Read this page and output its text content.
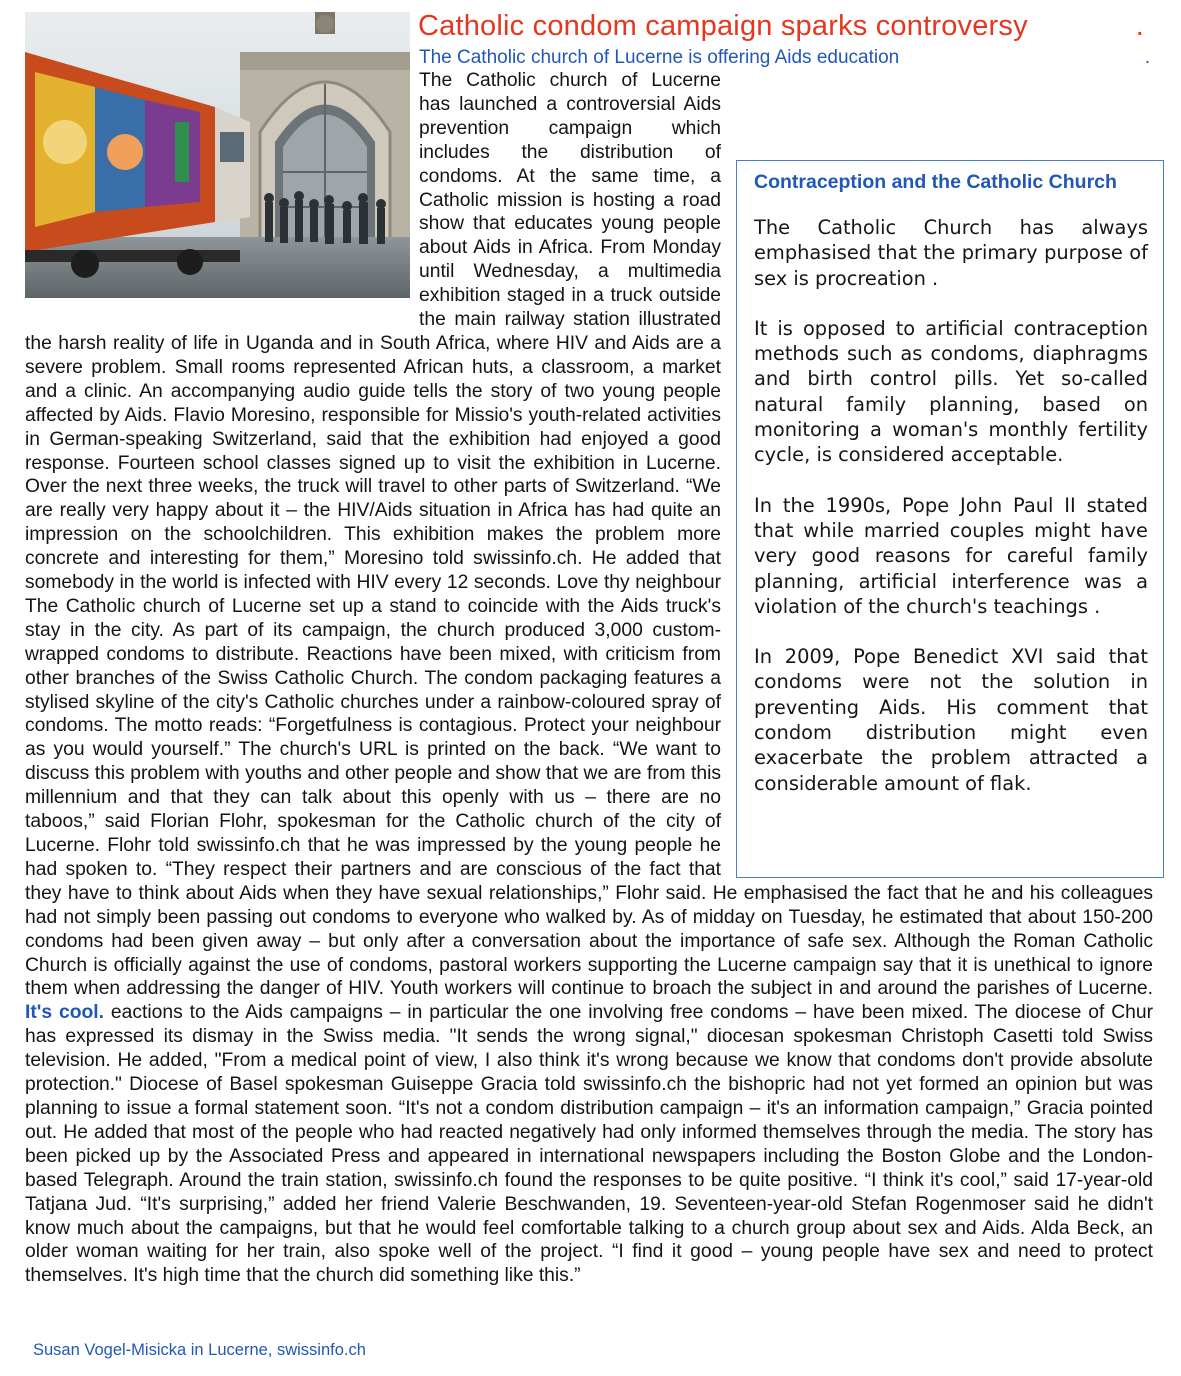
Catholic condom campaign sparks controversy	.
The Catholic church of Lucerne is offering Aids education	.
The Catholic church of Lucerne has launched a controversial Aids prevention campaign which includes the distribution of condoms. At the same time, a Catholic mission is hosting a road show that educates young people about Aids in Africa. From Monday until Wednesday, a multimedia exhibition staged in a truck outside the main railway station illustrated the harsh reality of life in Uganda and in South Africa, where HIV and Aids are a severe problem. Small rooms represented African huts, a classroom, a market and a clinic. An accompanying audio guide tells the story of two young people affected by Aids. Flavio Moresino, responsible for Missio's youth-related activities in German-speaking Switzerland, said that the exhibition had enjoyed a good response. Fourteen school classes signed up to visit the exhibition in Lucerne. Over the next three weeks, the truck will travel to other parts of Switzerland. “We are really very happy about it – the HIV/Aids situation in Africa has had quite an impression on the schoolchildren. This exhibition makes the problem more concrete and interesting for them,” Moresino told swissinfo.ch. He added that somebody in the world is infected with HIV every 12 seconds. Love thy neighbour The Catholic church of Lucerne set up a stand to coincide with the Aids truck's stay in the city. As part of its campaign, the church produced 3,000 custom-wrapped condoms to distribute. Reactions have been mixed, with criticism from other branches of the Swiss Catholic Church. The condom packaging features a stylised skyline of the city's Catholic churches under a rainbow-coloured spray of condoms. The motto reads: “Forgetfulness is contagious. Protect your neighbour as you would yourself.” The church's URL is printed on the back. “We want to discuss this problem with youths and other people and show that we are from this millennium and that they can talk about this openly with us – there are no taboos,” said Florian Flohr, spokesman for the Catholic church of the city of Lucerne. Flohr told swissinfo.ch that he was impressed by the young people he had spoken to. “They respect their partners and are conscious of the fact that they have to think about Aids when they have sexual relationships,” Flohr said. He emphasised the fact that he and his colleagues had not simply been passing out condoms to everyone who walked by. As of midday on Tuesday, he estimated that about 150-200 condoms had been given away – but only after a conversation about the importance of safe sex. Although the Roman Catholic Church is officially against the use of condoms, pastoral workers supporting the Lucerne campaign say that it is unethical to ignore them when addressing the danger of HIV. Youth workers will continue to broach the subject in and around the parishes of Lucerne. It's cool. eactions to the Aids campaigns – in particular the one involving free condoms – have been mixed. The diocese of Chur has expressed its dismay in the Swiss media. "It sends the wrong signal," diocesan spokesman Christoph Casetti told Swiss television. He added, "From a medical point of view, I also think it's wrong because we know that condoms don't provide absolute protection." Diocese of Basel spokesman Guiseppe Gracia told swissinfo.ch the bishopric had not yet formed an opinion but was planning to issue a formal statement soon. “It's not a condom distribution campaign – it's an information campaign,” Gracia pointed out. He added that most of the people who had reacted negatively had only informed themselves through the media. The story has been picked up by the Associated Press and appeared in international newspapers including the Boston Globe and the London-based Telegraph. Around the train station, swissinfo.ch found the responses to be quite positive. “I think it's cool,” said 17-year-old Tatjana Jud. “It's surprising,” added her friend Valerie Beschwanden, 19. Seventeen-year-old Stefan Rogenmoser said he didn't know much about the campaigns, but that he would feel comfortable talking to a church group about sex and Aids. Alda Beck, an older woman waiting for her train, also spoke well of the project. “I find it good – young people have sex and need to protect themselves. It's high time that the church did something like this.”
Contraception and the Catholic Church

The Catholic Church has always emphasised that the primary purpose of sex is procreation .

It is opposed to artificial contraception methods such as condoms, diaphragms and birth control pills. Yet so-called natural family planning, based on monitoring a woman's monthly fertility cycle, is considered acceptable.

In the 1990s, Pope John Paul II stated that while married couples might have very good reasons for careful family planning, artificial interference was a violation of the church's teachings .

In 2009, Pope Benedict XVI said that condoms were not the solution in preventing Aids. His comment that condom distribution might even exacerbate the problem attracted a considerable amount of flak.

Susan Vogel-Misicka in Lucerne, swissinfo.ch
